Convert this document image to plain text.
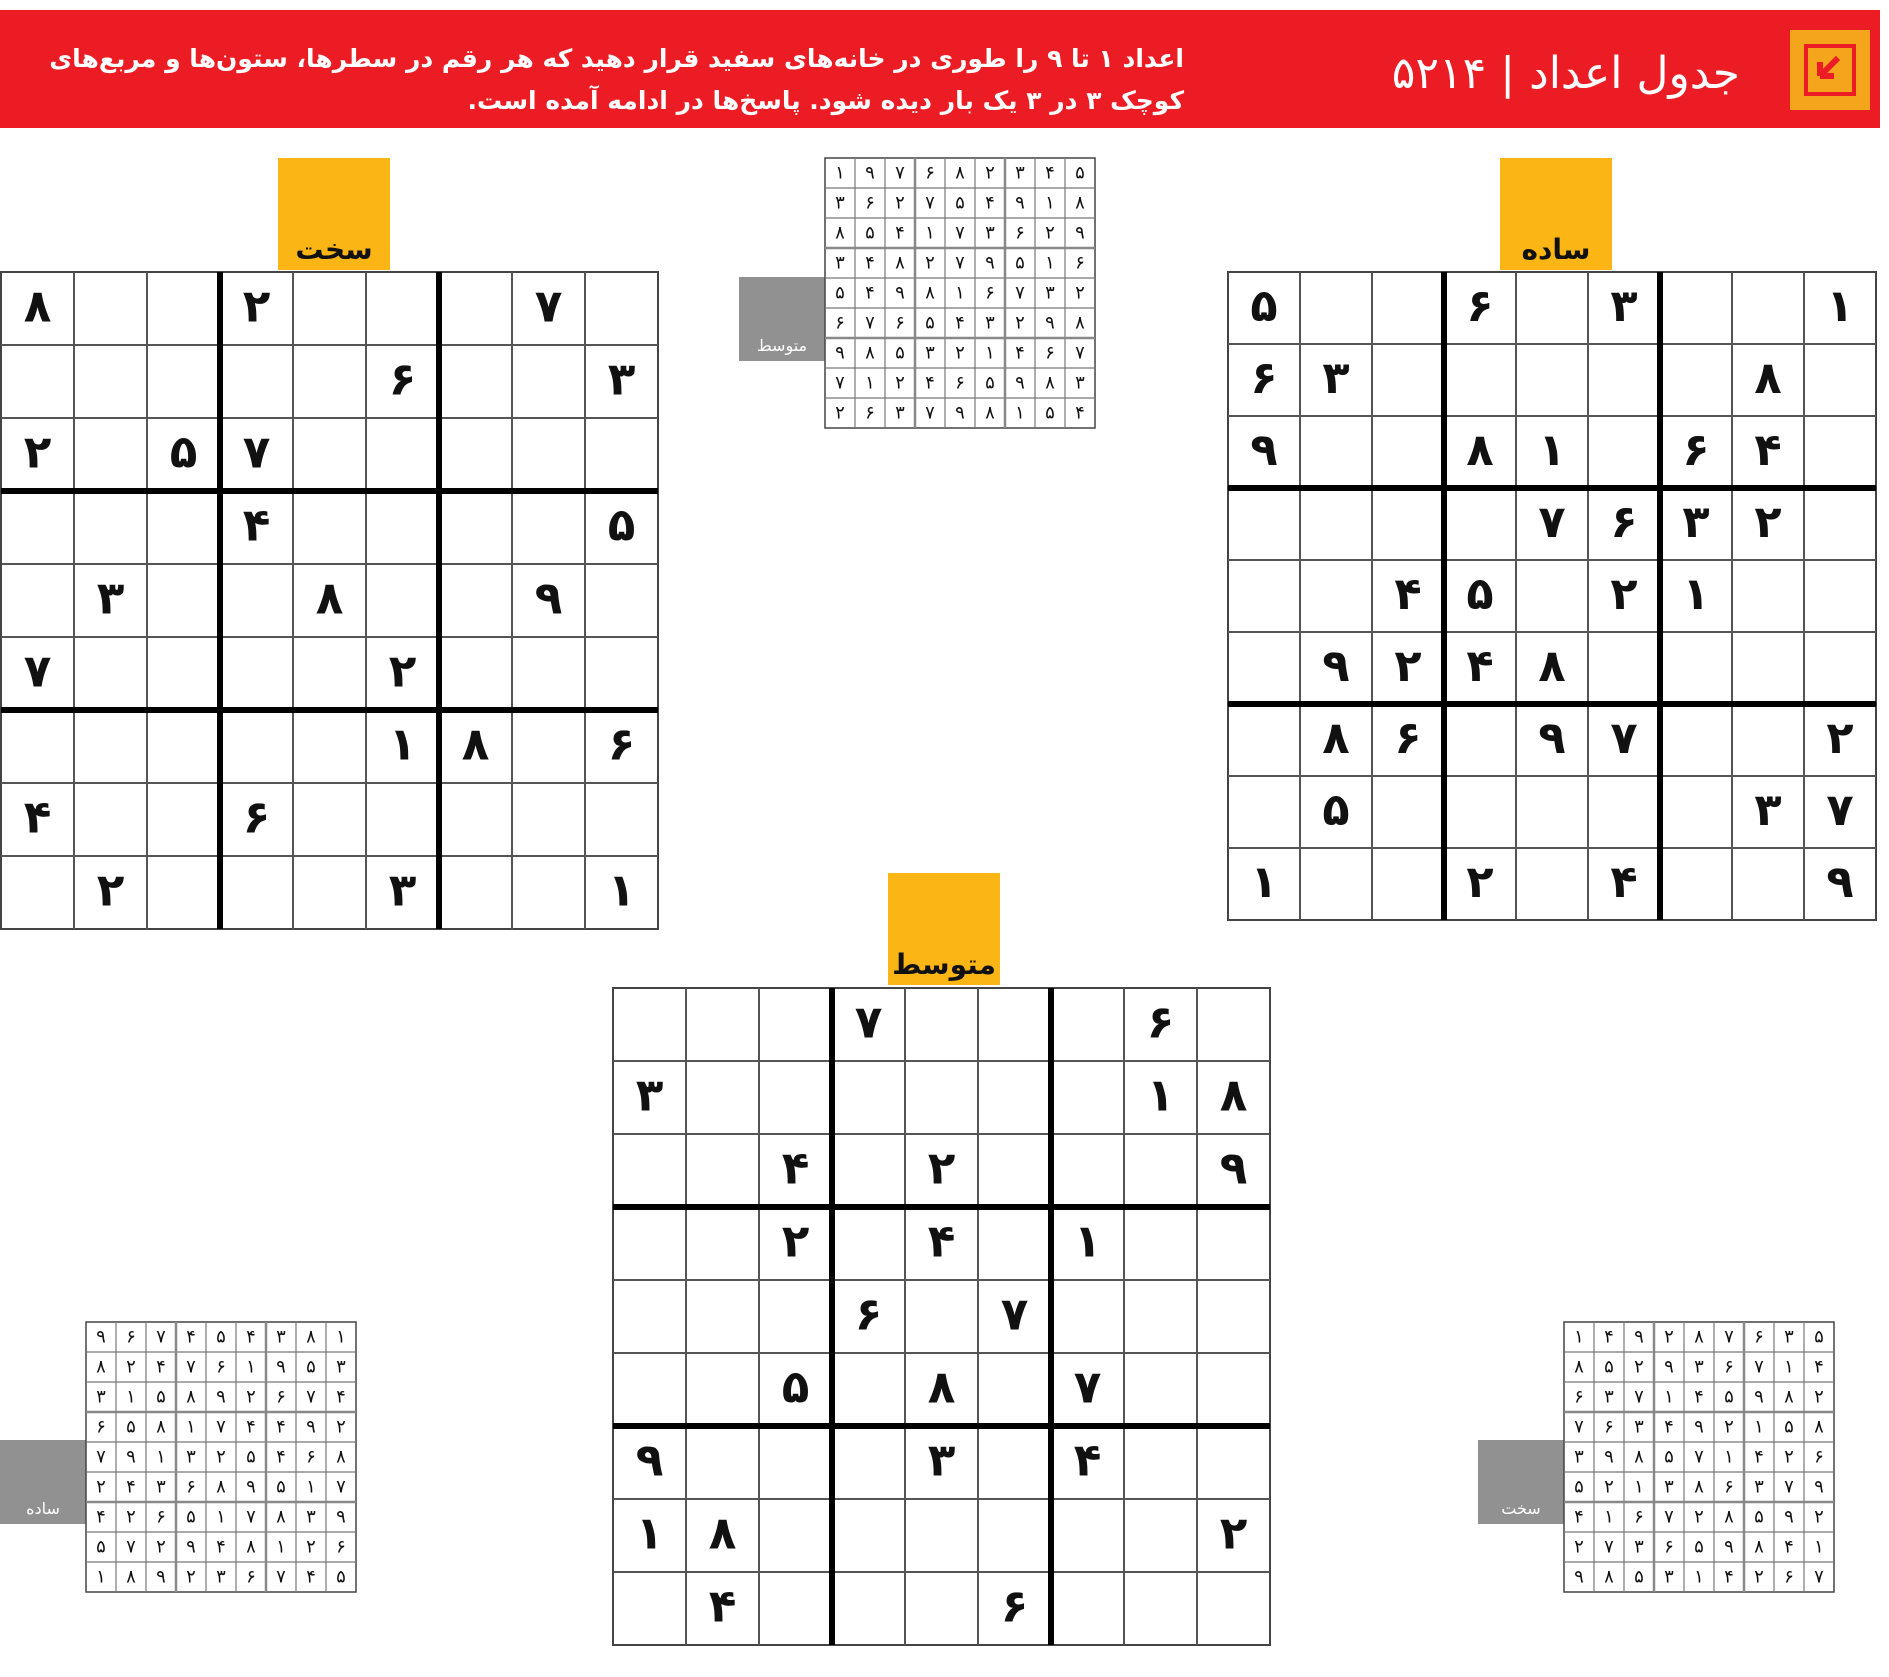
جدول اعداد | ۵۲۱۴
اعداد ۱ تا ۹ را طوری در خانه‌های سفید قرار دهید که هر رقم در سطرها، ستون‌ها و مربع‌های کوچک ۳ در ۳ یک بار دیده شود. پاسخ‌ها در ادامه آمده است.
ساده
سخت
متوسط
۱
۳
۶
۵
۸
۳
۶
۴
۶
۱
۸
۹
۲
۳
۶
۷
۱
۲
۵
۴
۸
۴
۲
۹
۲
۷
۹
۶
۸
۷
۳
۵
۹
۴
۲
۱
۷
۲
۸
۳
۶
۷
۵
۲
۵
۴
۹
۸
۳
۲
۷
۶
۸
۱
۶
۴
۱
۳
۲
۶
۷
۸
۱
۳
۹
۲
۴
۱
۴
۲
۷
۶
۷
۸
۵
۴
۳
۹
۲
۸
۱
۶
۴
متوسط
ساده	سخت
۵
۴
۳
۲
۸
۶
۷
۹
۱
۸
۱
۹
۴
۵
۷
۲
۶
۳
۹
۲
۶
۳
۷
۱
۴
۵
۸
۶
۱
۵
۹
۷
۲
۸
۴
۳
۲
۳
۷
۶
۱
۸
۹
۴
۵
۸
۹
۲
۳
۴
۵
۶
۷
۶
۷
۶
۴
۱
۲
۳
۵
۸
۹
۳
۸
۹
۵
۶
۴
۲
۱
۷
۴
۵
۱
۸
۹
۷
۳
۶
۲
۱
۸
۳
۴
۵
۴
۷
۶
۹
۳
۵
۹
۱
۶
۷
۴
۲
۸
۴
۷
۶
۲
۹
۸
۵
۱
۳
۲
۹
۴
۴
۷
۱
۸
۵
۶
۸
۶
۴
۵
۲
۳
۱
۹
۷
۷
۱
۵
۹
۸
۶
۳
۴
۲
۹
۳
۸
۷
۱
۵
۶
۲
۴
۶
۲
۱
۸
۴
۹
۲
۷
۵
۵
۴
۷
۶
۳
۲
۹
۸
۱
۵
۳
۶
۷
۸
۲
۹
۴
۱
۴
۱
۷
۶
۳
۹
۲
۵
۸
۲
۸
۹
۵
۴
۱
۷
۳
۶
۸
۵
۱
۲
۹
۴
۳
۶
۷
۶
۲
۴
۱
۷
۵
۸
۹
۳
۹
۷
۳
۶
۸
۳
۱
۲
۵
۲
۹
۵
۸
۲
۷
۶
۱
۴
۱
۴
۸
۹
۵
۶
۳
۷
۲
۷
۶
۲
۴
۱
۳
۵
۸
۹
